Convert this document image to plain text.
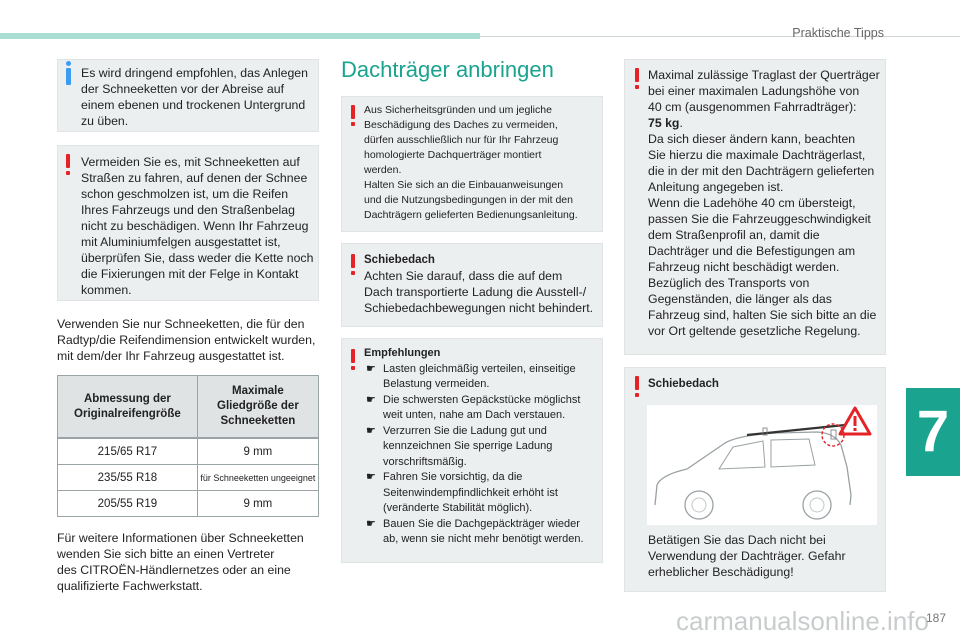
Praktische Tipps
Es wird dringend empfohlen, das Anlegen
der Schneeketten vor der Abreise auf
einem ebenen und trockenen Untergrund
zu üben.
Vermeiden Sie es, mit Schneeketten auf
Straßen zu fahren, auf denen der Schnee
schon geschmolzen ist, um die Reifen
Ihres Fahrzeugs und den Straßenbelag
nicht zu beschädigen. Wenn Ihr Fahrzeug
mit Aluminiumfelgen ausgestattet ist,
überprüfen Sie, dass weder die Kette noch
die Fixierungen mit der Felge in Kontakt
kommen.
Verwenden Sie nur Schneeketten, die für den
Radtyp/die Reifendimension entwickelt wurden,
mit dem/der Ihr Fahrzeug ausgestattet ist.
Abmessung der Originalreifengröße	Maximale Gliedgröße der Schneeketten

215/65 R17	9 mm
235/55 R18	für Schneeketten ungeeignet
205/55 R19	9 mm
Für weitere Informationen über Schneeketten
wenden Sie sich bitte an einen Vertreter
des CITROËN-Händlernetzes oder an eine
qualifizierte Fachwerkstatt.
Dachträger anbringen
Aus Sicherheitsgründen und um jegliche
Beschädigung des Daches zu vermeiden,
dürfen ausschließlich nur für Ihr Fahrzeug
homologierte Dachquerträger montiert
werden.
Halten Sie sich an die Einbauanweisungen
und die Nutzungsbedingungen in der mit den
Dachträgern gelieferten Bedienungsanleitung.
Schiebedach
Achten Sie darauf, dass die auf dem
Dach transportierte Ladung die Ausstell-/
Schiebedachbewegungen nicht behindert.
Empfehlungen
☛ Lasten gleichmäßig verteilen, einseitige
Belastung vermeiden.
☛ Die schwersten Gepäckstücke möglichst
weit unten, nahe am Dach verstauen.
☛ Verzurren Sie die Ladung gut und
kennzeichnen Sie sperrige Ladung
vorschriftsmäßig.
☛ Fahren Sie vorsichtig, da die
Seitenwindempfindlichkeit erhöht ist
(veränderte Stabilität möglich).
☛ Bauen Sie die Dachgepäckträger wieder
ab, wenn sie nicht mehr benötigt werden.
Maximal zulässige Traglast der Querträger
bei einer maximalen Ladungshöhe von
40 cm (ausgenommen Fahrradträger):
75 kg.
Da sich dieser ändern kann, beachten
Sie hierzu die maximale Dachträgerlast,
die in der mit den Dachträgern gelieferten
Anleitung angegeben ist.
Wenn die Ladehöhe 40 cm übersteigt,
passen Sie die Fahrzeuggeschwindigkeit
dem Straßenprofil an, damit die
Dachträger und die Befestigungen am
Fahrzeug nicht beschädigt werden.
Bezüglich des Transports von
Gegenständen, die länger als das
Fahrzeug sind, halten Sie sich bitte an die
vor Ort geltende gesetzliche Regelung.
Schiebedach
Betätigen Sie das Dach nicht bei
Verwendung der Dachträger. Gefahr
erheblicher Beschädigung!
7
carmanualsonline.info
187
